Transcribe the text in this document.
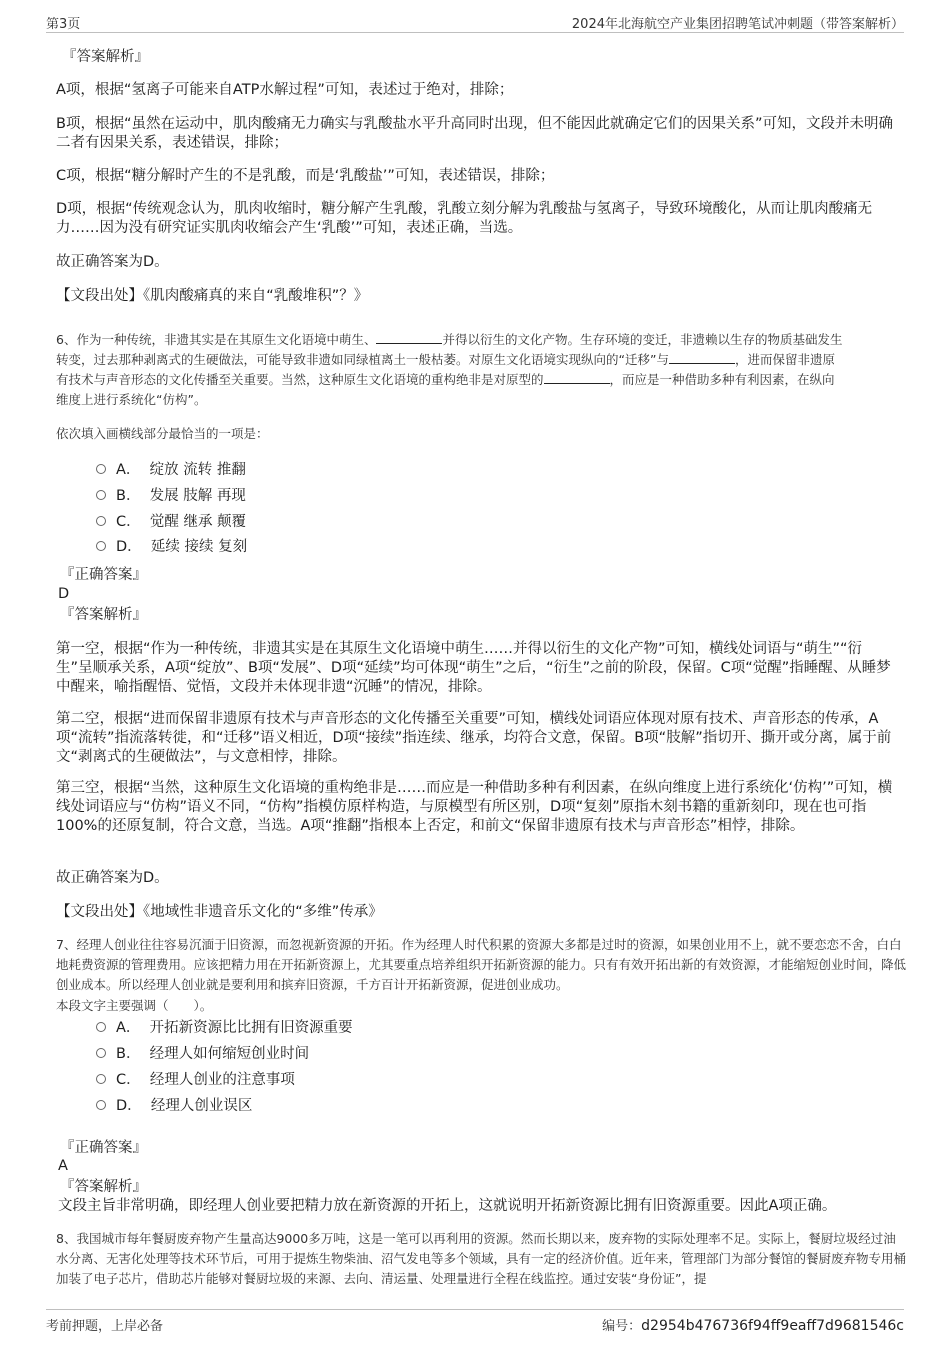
第3页	2024年北海航空产业集团招聘笔试冲刺题（带答案解析）

『答案解析』

A项，根据“氢离子可能来自ATP水解过程”可知，表述过于绝对，排除；

B项，根据“虽然在运动中，肌肉酸痛无力确实与乳酸盐水平升高同时出现，但不能因此就确定它们的因果关系”可知，文段并未明确二者有因果关系，表述错误，排除；

C项，根据“糖分解时产生的不是乳酸，而是‘乳酸盐’”可知，表述错误，排除；

D项，根据“传统观念认为，肌肉收缩时，糖分解产生乳酸，乳酸立刻分解为乳酸盐与氢离子，导致环境酸化，从而让肌肉酸痛无力……因为没有研究证实肌肉收缩会产生‘乳酸’”可知，表述正确，当选。

故正确答案为D。

【文段出处】《肌肉酸痛真的来自“乳酸堆积”？》

6、作为一种传统，非遗其实是在其原生文化语境中萌生、	并得以衍生的文化产物。生存环境的变迁，非遗赖以生存的物质基础发生
转变，过去那种剥离式的生硬做法，可能导致非遗如同绿植离土一般枯萎。对原生文化语境实现纵向的“迁移”与	，进而保留非遗原
有技术与声音形态的文化传播至关重要。当然，这种原生文化语境的重构绝非是对原型的	，而应是一种借助多种有利因素，在纵向
维度上进行系统化“仿构”。

依次填入画横线部分最恰当的一项是：

A． 绽放 流转 推翻
B． 发展 肢解 再现
C． 觉醒 继承 颠覆
D． 延续 接续 复刻

『正确答案』

D

『答案解析』

第一空，根据“作为一种传统，非遗其实是在其原生文化语境中萌生……并得以衍生的文化产物”可知，横线处词语与“萌生”“衍生”呈顺承关系，A项“绽放”、B项“发展”、D项“延续”均可体现“萌生”之后，“衍生”之前的阶段，保留。C项“觉醒”指睡醒、从睡梦中醒来，喻指醒悟、觉悟，文段并未体现非遗“沉睡”的情况，排除。

第二空，根据“进而保留非遗原有技术与声音形态的文化传播至关重要”可知，横线处词语应体现对原有技术、声音形态的传承，A项“流转”指流落转徙，和“迁移”语义相近，D项“接续”指连续、继承，均符合文意，保留。B项“肢解”指切开、撕开或分离，属于前文“剥离式的生硬做法”，与文意相悖，排除。

第三空，根据“当然，这种原生文化语境的重构绝非是……而应是一种借助多种有利因素，在纵向维度上进行系统化‘仿构’”可知，横线处词语应与“仿构”语义不同，“仿构”指模仿原样构造，与原模型有所区别，D项“复刻”原指木刻书籍的重新刻印，现在也可指100%的还原复制，符合文意，当选。A项“推翻”指根本上否定，和前文“保留非遗原有技术与声音形态”相悖，排除。

故正确答案为D。

【文段出处】《地域性非遗音乐文化的“多维”传承》

7、经理人创业往往容易沉湎于旧资源，而忽视新资源的开拓。作为经理人时代积累的资源大多都是过时的资源，如果创业用不上，就不要恋恋不舍，白白地耗费资源的管理费用。应该把精力用在开拓新资源上，尤其要重点培养组织开拓新资源的能力。只有有效开拓出新的有效资源，才能缩短创业时间，降低创业成本。所以经理人创业就是要利用和摈弃旧资源，千方百计开拓新资源，促进创业成功。

本段文字主要强调（　　）。

A． 开拓新资源比比拥有旧资源重要
B． 经理人如何缩短创业时间
C． 经理人创业的注意事项
D． 经理人创业误区

『正确答案』

A

『答案解析』

文段主旨非常明确，即经理人创业要把精力放在新资源的开拓上，这就说明开拓新资源比拥有旧资源重要。因此A项正确。

8、我国城市每年餐厨废弃物产生量高达9000多万吨，这是一笔可以再利用的资源。然而长期以来，废弃物的实际处理率不足。实际上，餐厨垃圾经过油水分离、无害化处理等技术环节后，可用于提炼生物柴油、沼气发电等多个领域，具有一定的经济价值。近年来，管理部门为部分餐馆的餐厨废弃物专用桶加装了电子芯片，借助芯片能够对餐厨垃圾的来源、去向、清运量、处理量进行全程在线监控。通过安装“身份证”，提

考前押题，上岸必备	编号：d2954b476736f94ff9eaff7d9681546c
